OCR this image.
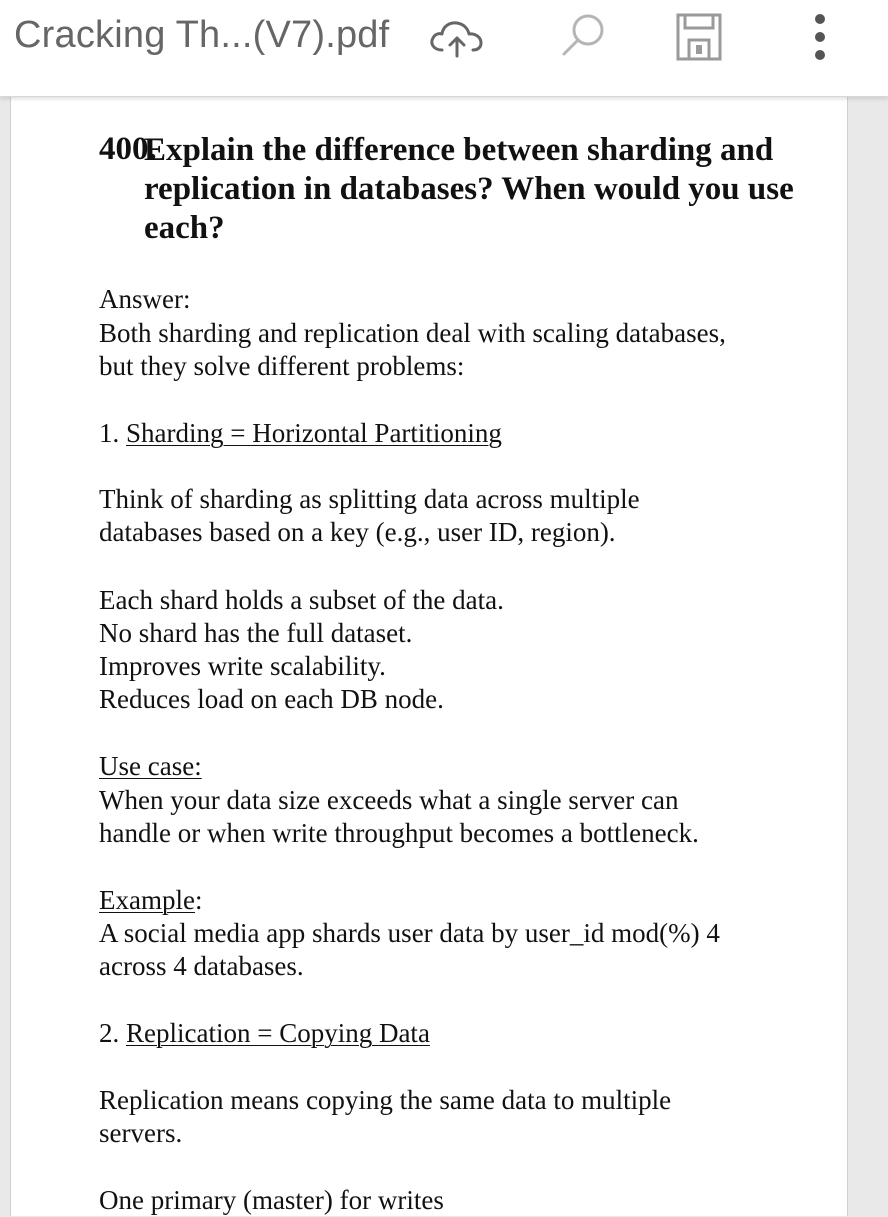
Cracking Th...(V7).pdf
400.
Explain the difference between sharding and replication in databases? When would you use each?
Answer:
Both sharding and replication deal with scaling databases,
but they solve different problems:
1. Sharding = Horizontal Partitioning
Think of sharding as splitting data across multiple
databases based on a key (e.g., user ID, region).
Each shard holds a subset of the data.
No shard has the full dataset.
Improves write scalability.
Reduces load on each DB node.
Use case:
When your data size exceeds what a single server can
handle or when write throughput becomes a bottleneck.
Example:
A social media app shards user data by user_id mod(%) 4
across 4 databases.
2. Replication = Copying Data
Replication means copying the same data to multiple
servers.
One primary (master) for writes
